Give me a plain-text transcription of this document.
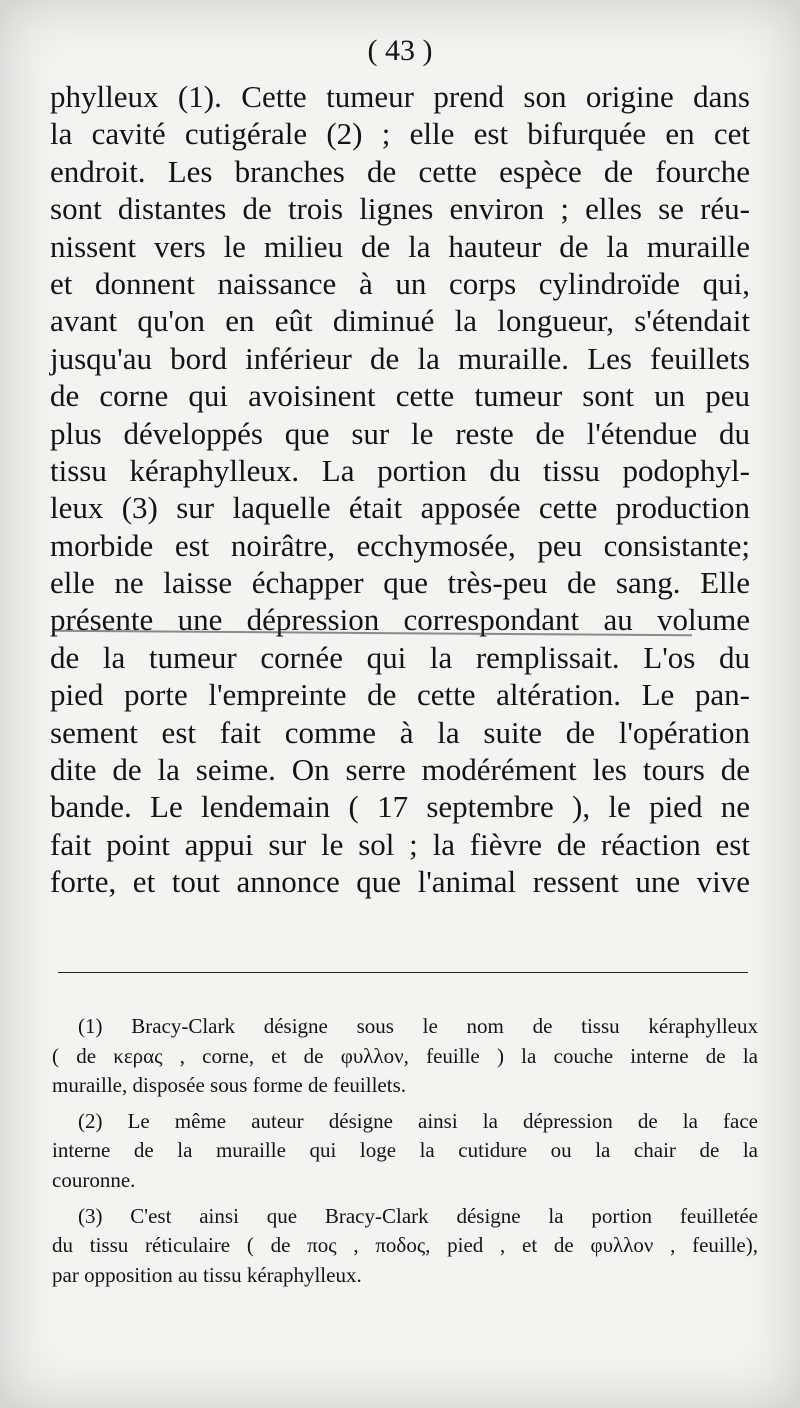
( 43 )
phylleux (1). Cette tumeur prend son origine dans
la cavité cutigérale (2) ; elle est bifurquée en cet
endroit. Les branches de cette espèce de fourche
sont distantes de trois lignes environ ; elles se réu-
nissent vers le milieu de la hauteur de la muraille
et donnent naissance à un corps cylindroïde qui,
avant qu'on en eût diminué la longueur, s'étendait
jusqu'au bord inférieur de la muraille. Les feuillets
de corne qui avoisinent cette tumeur sont un peu
plus développés que sur le reste de l'étendue du
tissu kéraphylleux. La portion du tissu podophyl-
leux (3) sur laquelle était apposée cette production
morbide est noirâtre, ecchymosée, peu consistante;
elle ne laisse échapper que très-peu de sang. Elle
présente une dépression correspondant au volume
de la tumeur cornée qui la remplissait. L'os du
pied porte l'empreinte de cette altération. Le pan-
sement est fait comme à la suite de l'opération
dite de la seime. On serre modérément les tours de
bande. Le lendemain ( 17 septembre ), le pied ne
fait point appui sur le sol ; la fièvre de réaction est
forte, et tout annonce que l'animal ressent une vive
(1) Bracy-Clark désigne sous le nom de tissu kéraphylleux
( de κερας , corne, et de φυλλον, feuille ) la couche interne de la
muraille, disposée sous forme de feuillets.
(2) Le même auteur désigne ainsi la dépression de la face
interne de la muraille qui loge la cutidure ou la chair de la
couronne.
(3) C'est ainsi que Bracy-Clark désigne la portion feuilletée
du tissu réticulaire ( de πος , ποδος, pied , et de φυλλον , feuille),
par opposition au tissu kéraphylleux.
